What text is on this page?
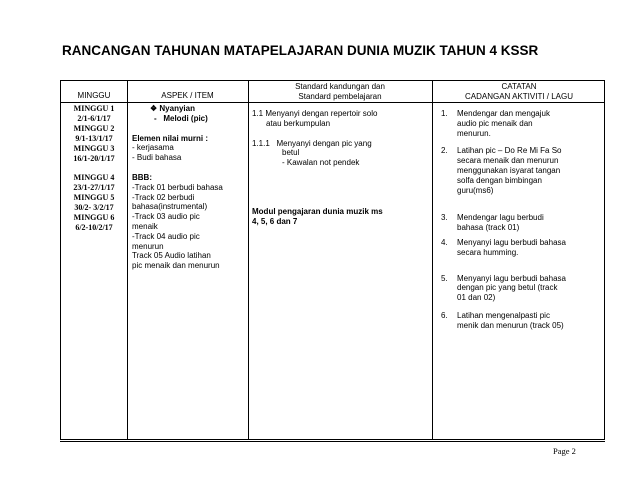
RANCANGAN TAHUNAN MATAPELAJARAN DUNIA MUZIK TAHUN 4 KSSR
MINGGU	ASPEK / ITEM
Standard kandungan dan
Standard pembelajaran
CATATAN
CADANGAN AKTIVITI / LAGU
MINGGU 1
2/1-6/1/17
MINGGU 2
9/1-13/1/17
MINGGU 3
16/1-20/1/17
MINGGU 4
23/1-27/1/17
MINGGU 5
30/2- 3/2/17
MINGGU 6
6/2-10/2/17
❖ Nyanyian
-   Melodi (pic)
Elemen nilai murni :
- kerjasama
- Budi bahasa
BBB:
-Track 01 berbudi bahasa
-Track 02 berbudi
bahasa(instrumental)
-Track 03 audio pic
menaik
-Track 04 audio pic
menurun
Track 05 Audio latihan
pic menaik dan menurun
1.1 Menyanyi dengan repertoir solo
atau berkumpulan
1.1.1 Menyanyi dengan pic yang
betul
- Kawalan not pendek
Modul pengajaran dunia muzik ms
4, 5, 6 dan 7
1. Mendengar dan mengajuk
audio pic menaik dan
menurun.
2. Latihan pic – Do Re Mi Fa So
secara menaik dan menurun
menggunakan isyarat tangan
solfa dengan bimbingan
guru(ms6)
3. Mendengar lagu berbudi
bahasa (track 01)
4. Menyanyi lagu berbudi bahasa
secara humming.
5. Menyanyi lagu berbudi bahasa
dengan pic yang betul (track
01 dan 02)
6. Latihan mengenalpasti pic
menik dan menurun (track 05)
Page 2
